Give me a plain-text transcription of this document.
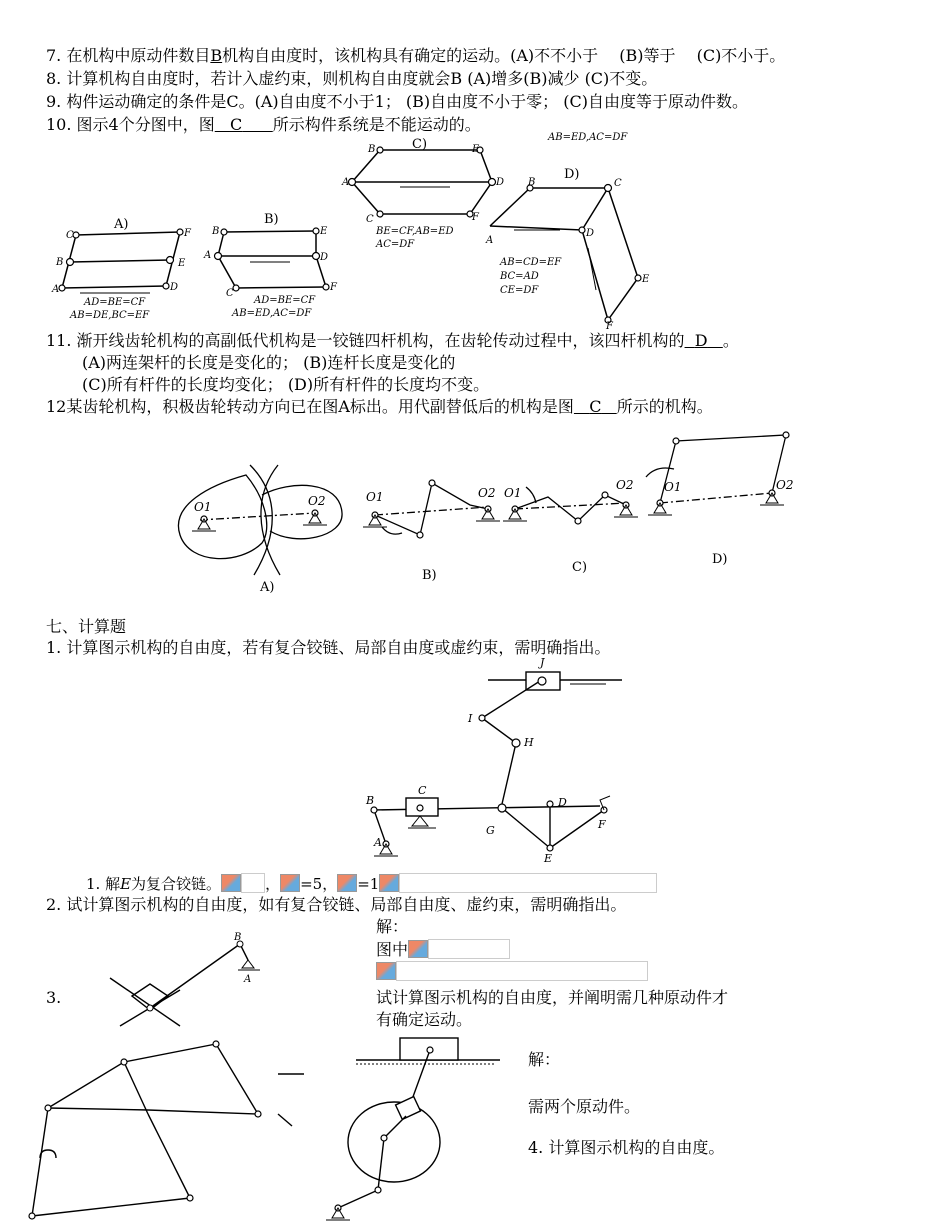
7. 在机构中原动件数目B机构自由度时，该机构具有确定的运动。(A)不不小于　 (B)等于　 (C)不小于。
8. 计算机构自由度时，若计入虚约束，则机构自由度就会B (A)增多(B)减少 (C)不变。
9. 构件运动确定的条件是C。(A)自由度不小于1； (B)自由度不小于零； (C)自由度等于原动件数。
10. 图示4个分图中，图 C 所示构件系统是不能运动的。
C	F
B	E
A	D
B	E
A	D
C
F
A	D
B	E
C	F
B	C
A
D
E
F
A)	B)
C)
D)
AD=BE=CF
AB=DE,BC=EF
AD=BE=CF
AB=ED,AC=DF
BE=CF,AB=ED
AC=DF
AB=CD=EF
BC=AD
CE=DF
AB=ED,AC=DF
11. 渐开线齿轮机构的高副低代机构是一铰链四杆机构，在齿轮传动过程中，该四杆机构的 D 。
(A)两连架杆的长度是变化的； (B)连杆长度是变化的
(C)所有杆件的长度均变化； (D)所有杆件的长度均不变。
12某齿轮机构，积极齿轮转动方向已在图A标出。用代副替低后的机构是图 C 所示的机构。
O1	O2	O1	O2 O1
O2	O1	O2
A)
B)
C)
D)
七、计算题
1. 计算图示机构的自由度，若有复合铰链、局部自由度或虚约束，需明确指出。
J
I
H
C
B
A
G
D
F
E
1. 解E为复合铰链。	， =5， =1
2. 试计算图示机构的自由度，如有复合铰链、局部自由度、虚约束，需明确指出。
解：
图中
3.
B
A
试计算图示机构的自由度，并阐明需几种原动件才
有确定运动。
解：
需两个原动件。
4. 计算图示机构的自由度。
